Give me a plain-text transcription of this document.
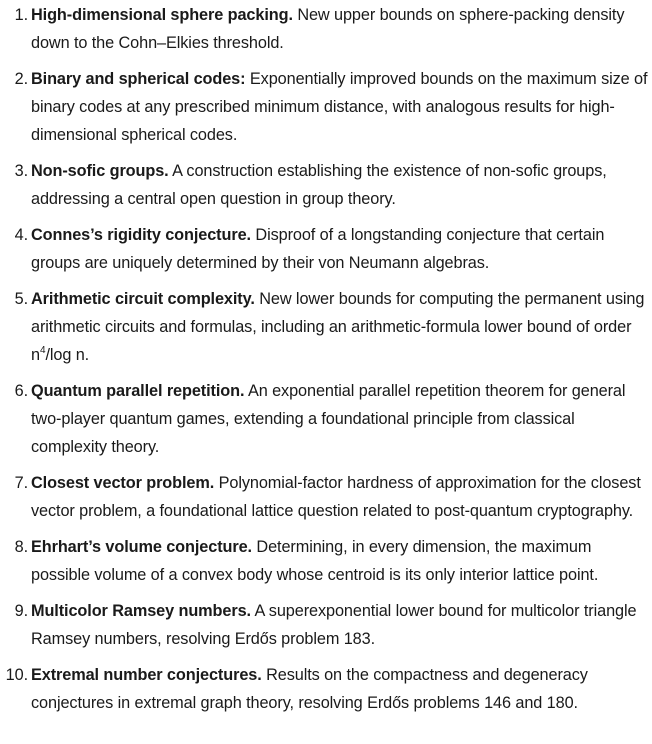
1. High-dimensional sphere packing. New upper bounds on sphere-packing density down to the Cohn–Elkies threshold.
2. Binary and spherical codes: Exponentially improved bounds on the maximum size of binary codes at any prescribed minimum distance, with analogous results for high-dimensional spherical codes.
3. Non-sofic groups. A construction establishing the existence of non-sofic groups, addressing a central open question in group theory.
4. Connes’s rigidity conjecture. Disproof of a longstanding conjecture that certain groups are uniquely determined by their von Neumann algebras.
5. Arithmetic circuit complexity. New lower bounds for computing the permanent using arithmetic circuits and formulas, including an arithmetic-formula lower bound of order $n^4/\log$ n.
6. Quantum parallel repetition. An exponential parallel repetition theorem for general two-player quantum games, extending a foundational principle from classical complexity theory.
7. Closest vector problem. Polynomial-factor hardness of approximation for the closest vector problem, a foundational lattice question related to post-quantum cryptography.
8. Ehrhart’s volume conjecture. Determining, in every dimension, the maximum possible volume of a convex body whose centroid is its only interior lattice point.
9. Multicolor Ramsey numbers. A superexponential lower bound for multicolor triangle Ramsey numbers, resolving Erdős problem 183.
10. Extremal number conjectures. Results on the compactness and degeneracy conjectures in extremal graph theory, resolving Erdős problems 146 and 180.
